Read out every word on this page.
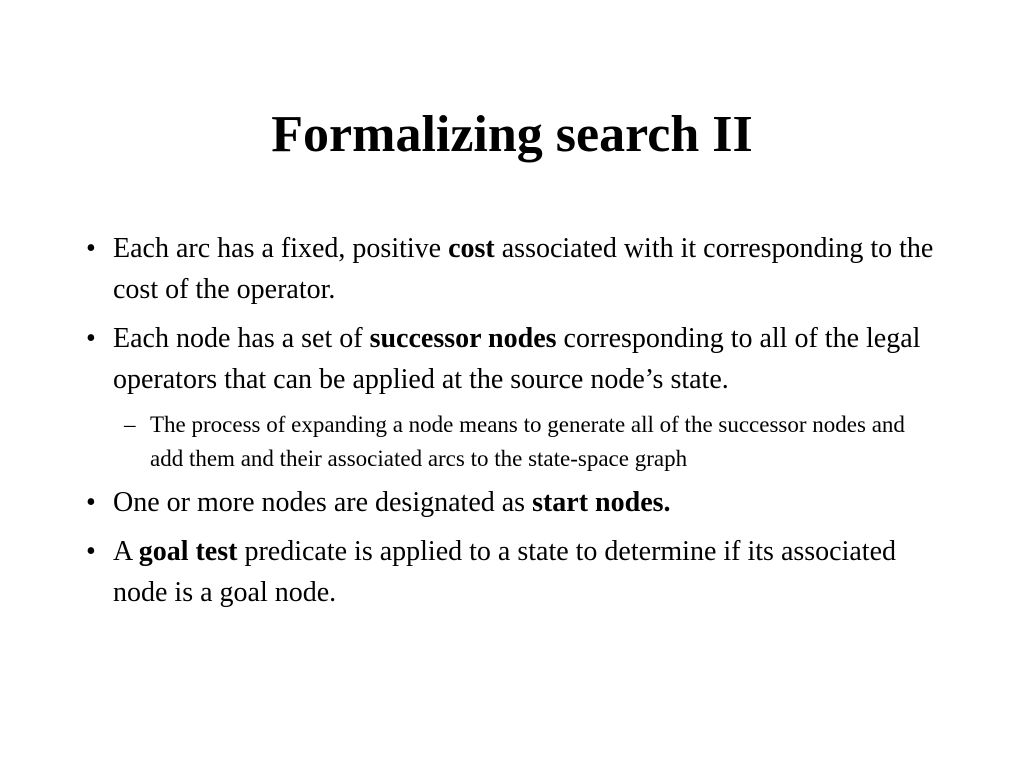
Formalizing search II
• Each arc has a fixed, positive cost associated with it corresponding to the cost of the operator.
• Each node has a set of successor nodes corresponding to all of the legal operators that can be applied at the source node’s state.
– The process of expanding a node means to generate all of the successor nodes and add them and their associated arcs to the state-space graph
• One or more nodes are designated as start nodes.
• A goal test predicate is applied to a state to determine if its associated node is a goal node.
